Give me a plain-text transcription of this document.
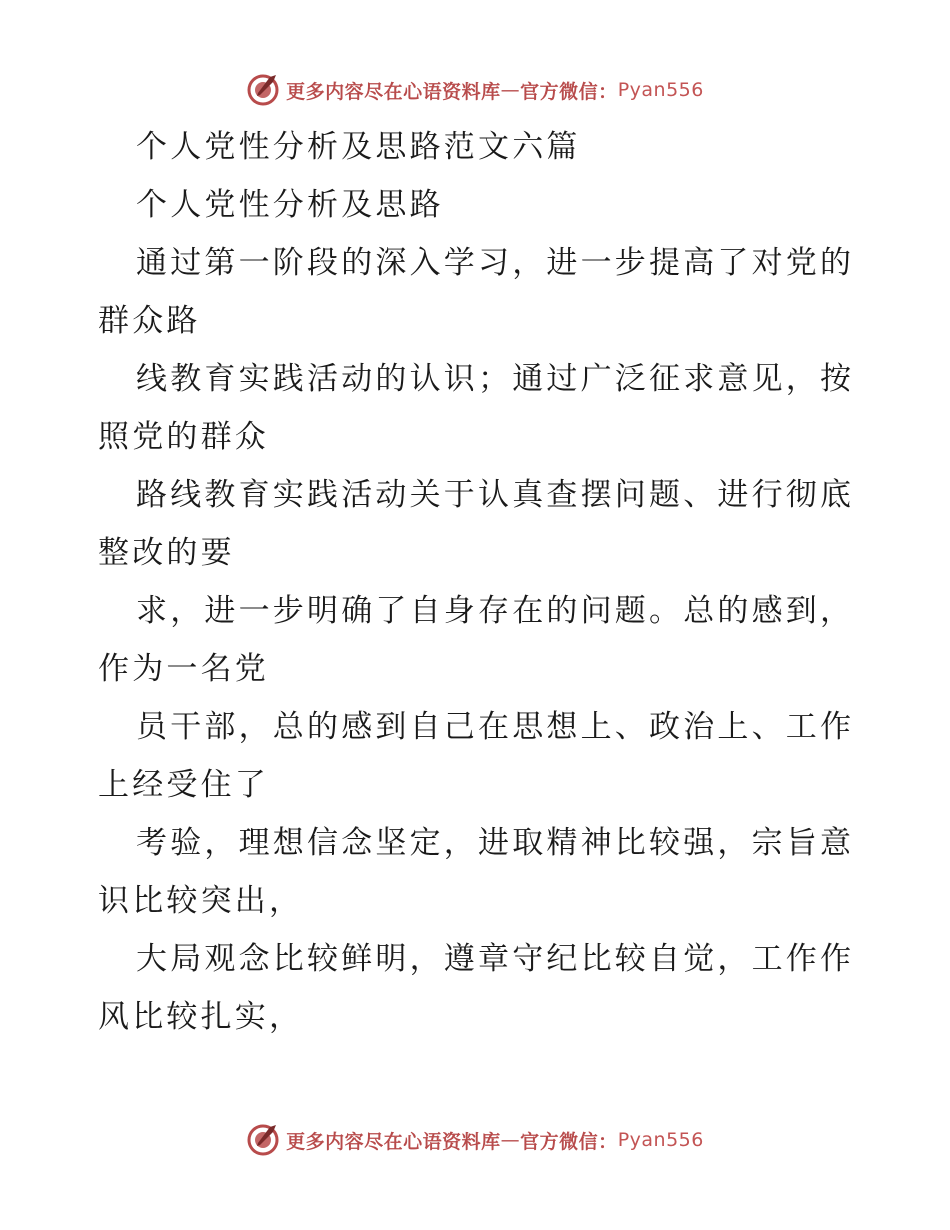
更多内容尽在心语资料库 — 官方微信： Pyan556

个人党性分析及思路范文六篇

个人党性分析及思路

通过第一阶段的深入学习，进一步提高了对党的群众路

线教育实践活动的认识；通过广泛征求意见，按照党的群众

路线教育实践活动关于认真查摆问题、进行彻底整改的要

求，进一步明确了自身存在的问题。总的感到，作为一名党

员干部，总的感到自己在思想上、政治上、工作上经受住了

考验，理想信念坚定，进取精神比较强，宗旨意识比较突出，

大局观念比较鲜明，遵章守纪比较自觉，工作作风比较扎实，

更多内容尽在心语资料库 — 官方微信： Pyan556
